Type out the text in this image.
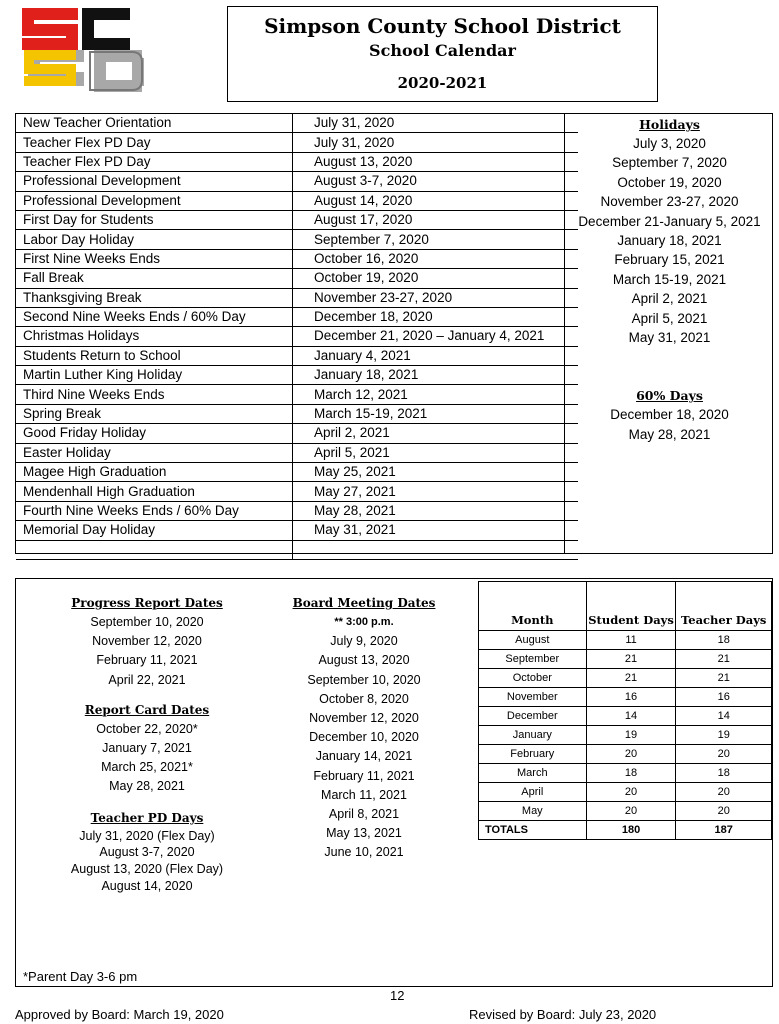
Simpson County School District
School Calendar
2020-2021
New Teacher Orientation	July 31, 2020
Teacher Flex PD Day	July 31, 2020
Teacher Flex PD Day	August 13, 2020
Professional Development	August 3-7, 2020
Professional Development	August 14, 2020
First Day for Students	August 17, 2020
Labor Day Holiday	September 7, 2020
First Nine Weeks Ends	October 16, 2020
Fall Break	October 19, 2020
Thanksgiving Break	November 23-27, 2020
Second Nine Weeks Ends / 60% Day	December 18, 2020
Christmas Holidays	December 21, 2020 – January 4, 2021
Students Return to School	January 4, 2021
Martin Luther King Holiday	January 18, 2021
Third Nine Weeks Ends	March 12, 2021
Spring Break	March 15-19, 2021
Good Friday Holiday	April 2, 2021
Easter Holiday	April 5, 2021
Magee High Graduation	May 25, 2021
Mendenhall High Graduation	May 27, 2021
Fourth Nine Weeks Ends / 60% Day	May 28, 2021
Memorial Day Holiday	May 31, 2021

Holidays
July 3, 2020
September 7, 2020
October 19, 2020
November 23-27, 2020
December 21-January 5, 2021
January 18, 2021
February 15, 2021
March 15-19, 2021
April 2, 2021
April 5, 2021
May 31, 2021
60% Days
December 18, 2020
May 28, 2021
Progress Report Dates
September 10, 2020
November 12, 2020
February 11, 2021
April 22, 2021
Report Card Dates
October 22, 2020*
January 7, 2021
March 25, 2021*
May 28, 2021
Teacher PD Days
July 31, 2020 (Flex Day)
August 3-7, 2020
August 13, 2020 (Flex Day)
August 14, 2020
Board Meeting Dates
** 3:00 p.m.
July 9, 2020
August 13, 2020
September 10, 2020
October 8, 2020
November 12, 2020
December 10, 2020
January 14, 2021
February 11, 2021
March 11, 2021
April 8, 2021
May 13, 2021
June 10, 2021
Month	Student Days	Teacher Days
August	11	18
September	21	21
October	21	21
November	16	16
December	14	14
January	19	19
February	20	20
March	18	18
April	20	20
May	20	20
TOTALS	180	187
*Parent Day 3-6 pm
12
Approved by Board: March 19, 2020	Revised by Board: July 23, 2020
